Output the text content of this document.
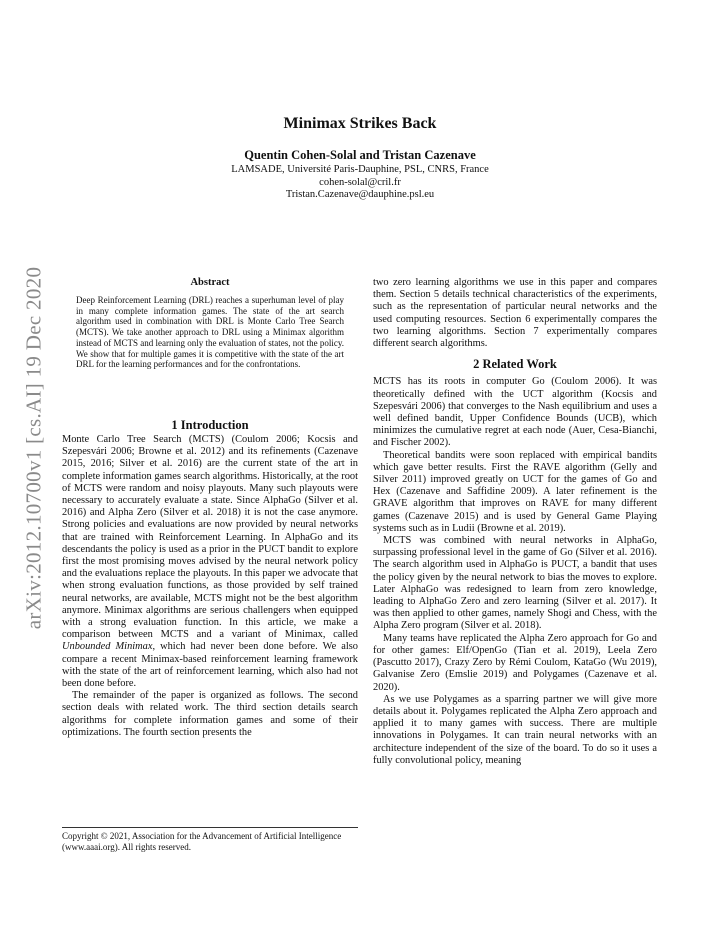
Minimax Strikes Back
Quentin Cohen-Solal and Tristan Cazenave
LAMSADE, Université Paris-Dauphine, PSL, CNRS, France
cohen-solal@cril.fr
Tristan.Cazenave@dauphine.psl.eu
arXiv:2012.10700v1 [cs.AI] 19 Dec 2020	Abstract
Deep Reinforcement Learning (DRL) reaches a superhuman level of play in many complete information games. The state of the art search algorithm used in combination with DRL is Monte Carlo Tree Search (MCTS). We take another approach to DRL using a Minimax algorithm instead of MCTS and learning only the evaluation of states, not the policy. We show that for multiple games it is competitive with the state of the art DRL for the learning performances and for the confrontations.
1 Introduction

Monte Carlo Tree Search (MCTS) (Coulom 2006; Kocsis and Szepesvári 2006; Browne et al. 2012) and its refinements (Cazenave 2015, 2016; Silver et al. 2016) are the current state of the art in complete information games search algorithms. Historically, at the root of MCTS were random and noisy playouts. Many such playouts were necessary to accurately evaluate a state. Since AlphaGo (Silver et al. 2016) and Alpha Zero (Silver et al. 2018) it is not the case anymore. Strong policies and evaluations are now provided by neural networks that are trained with Reinforcement Learning. In AlphaGo and its descendants the policy is used as a prior in the PUCT bandit to explore first the most promising moves advised by the neural network policy and the evaluations replace the playouts. In this paper we advocate that when strong evaluation functions, as those provided by self trained neural networks, are available, MCTS might not be the best algorithm anymore. Minimax algorithms are serious challengers when equipped with a strong evaluation function. In this article, we make a comparison between MCTS and a variant of Minimax, called Unbounded Minimax, which had never been done before. We also compare a recent Minimax-based reinforcement learning framework with the state of the art of reinforcement learning, which also had not been done before.

The remainder of the paper is organized as follows. The second section deals with related work. The third section details search algorithms for complete information games and some of their optimizations. The fourth section presents the

Copyright © 2021, Association for the Advancement of Artificial Intelligence (www.aaai.org). All rights reserved.

two zero learning algorithms we use in this paper and compares them. Section 5 details technical characteristics of the experiments, such as the representation of particular neural networks and the used computing resources. Section 6 experimentally compares the two learning algorithms. Section 7 experimentally compares different search algorithms.

2 Related Work

MCTS has its roots in computer Go (Coulom 2006). It was theoretically defined with the UCT algorithm (Kocsis and Szepesvári 2006) that converges to the Nash equilibrium and uses a well defined bandit, Upper Confidence Bounds (UCB), which minimizes the cumulative regret at each node (Auer, Cesa-Bianchi, and Fischer 2002).

Theoretical bandits were soon replaced with empirical bandits which gave better results. First the RAVE algorithm (Gelly and Silver 2011) improved greatly on UCT for the games of Go and Hex (Cazenave and Saffidine 2009). A later refinement is the GRAVE algorithm that improves on RAVE for many different games (Cazenave 2015) and is used by General Game Playing systems such as in Ludii (Browne et al. 2019).

MCTS was combined with neural networks in AlphaGo, surpassing professional level in the game of Go (Silver et al. 2016). The search algorithm used in AlphaGo is PUCT, a bandit that uses the policy given by the neural network to bias the moves to explore. Later AlphaGo was redesigned to learn from zero knowledge, leading to AlphaGo Zero and zero learning (Silver et al. 2017). It was then applied to other games, namely Shogi and Chess, with the Alpha Zero program (Silver et al. 2018).

Many teams have replicated the Alpha Zero approach for Go and for other games: Elf/OpenGo (Tian et al. 2019), Leela Zero (Pascutto 2017), Crazy Zero by Rémi Coulom, KataGo (Wu 2019), Galvanise Zero (Emslie 2019) and Polygames (Cazenave et al. 2020).

As we use Polygames as a sparring partner we will give more details about it. Polygames replicated the Alpha Zero approach and applied it to many games with success. There are multiple innovations in Polygames. It can train neural networks with an architecture independent of the size of the board. To do so it uses a fully convolutional policy, meaning
